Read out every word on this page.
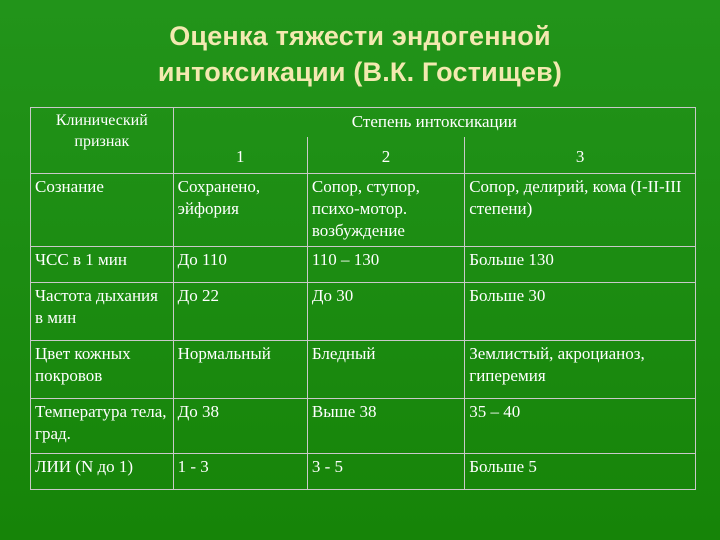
Оценка тяжести эндогенной
интоксикации (В.К. Гостищев)
Клинический признак	Степень интоксикации		
	1	2	3
Сознание	Сохранено, эйфория	Сопор, ступор, психо-мотор. возбуждение	Сопор, делирий, кома (I-II-III степени)
ЧСС в 1 мин	До 110	110 – 130	Больше 130
Частота дыхания в мин	До 22	До 30	Больше 30
Цвет кожных покровов	Нормальный	Бледный	Землистый, акроцианоз, гиперемия
Температура тела, град.	До 38	Выше 38	35 – 40
ЛИИ (N до 1)	1 - 3	3 - 5	Больше 5
